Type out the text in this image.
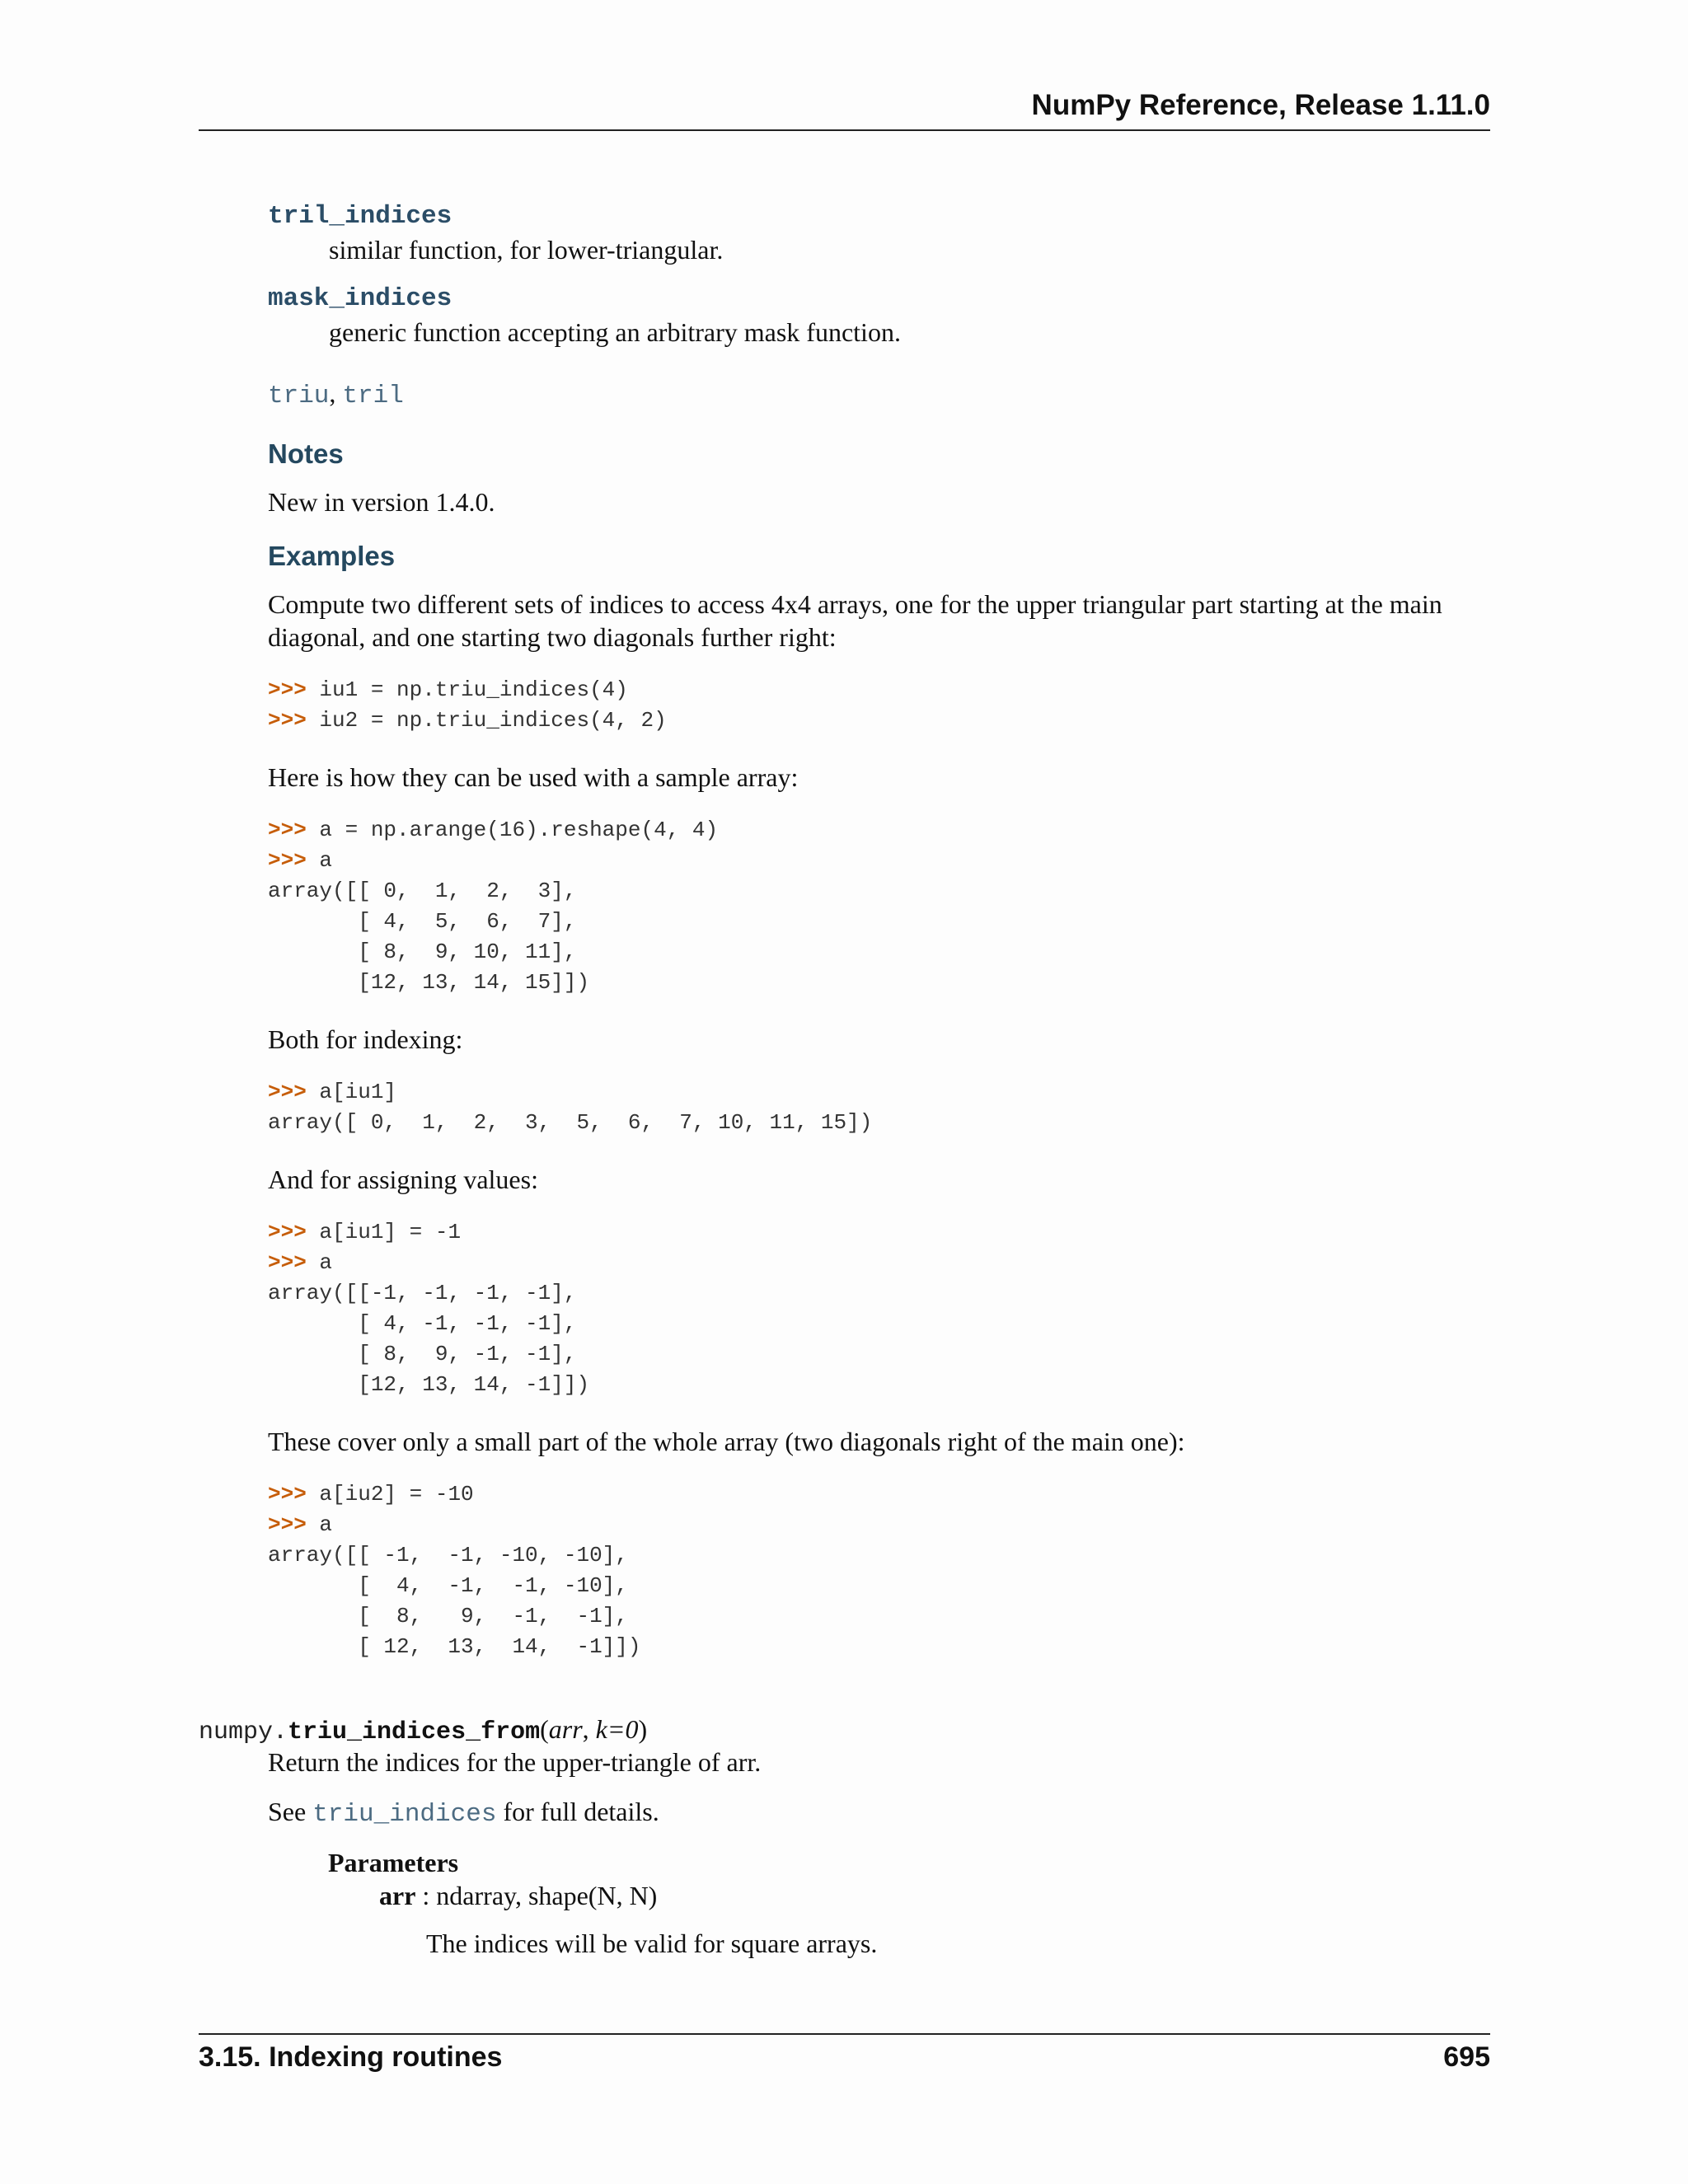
NumPy Reference, Release 1.11.0
tril_indices
similar function, for lower-triangular.
mask_indices
generic function accepting an arbitrary mask function.

triu, tril

Notes

New in version 1.4.0.

Examples

Compute two different sets of indices to access 4x4 arrays, one for the upper triangular part starting at the main diagonal, and one starting two diagonals further right:

>>> iu1 = np.triu_indices(4)
>>> iu2 = np.triu_indices(4, 2)

Here is how they can be used with a sample array:

>>> a = np.arange(16).reshape(4, 4)
>>> a
array([[ 0,  1,  2,  3],
[ 4,  5,  6,  7],
[ 8,  9, 10, 11],
[12, 13, 14, 15]])

Both for indexing:

>>> a[iu1]
array([ 0,  1,  2,  3,  5,  6,  7, 10, 11, 15])

And for assigning values:

>>> a[iu1] = -1
>>> a
array([[-1, -1, -1, -1],
[ 4, -1, -1, -1],
[ 8,  9, -1, -1],
[12, 13, 14, -1]])

These cover only a small part of the whole array (two diagonals right of the main one):

>>> a[iu2] = -10
>>> a
array([[ -1,  -1, -10, -10],
[  4,  -1,  -1, -10],
[  8,   9,  -1,  -1],
[ 12,  13,  14,  -1]])
numpy.triu_indices_from(arr, k=0)

Return the indices for the upper-triangle of arr.

See triu_indices for full details.

Parameters
arr : ndarray, shape(N, N)
The indices will be valid for square arrays.
3.15. Indexing routines	695
